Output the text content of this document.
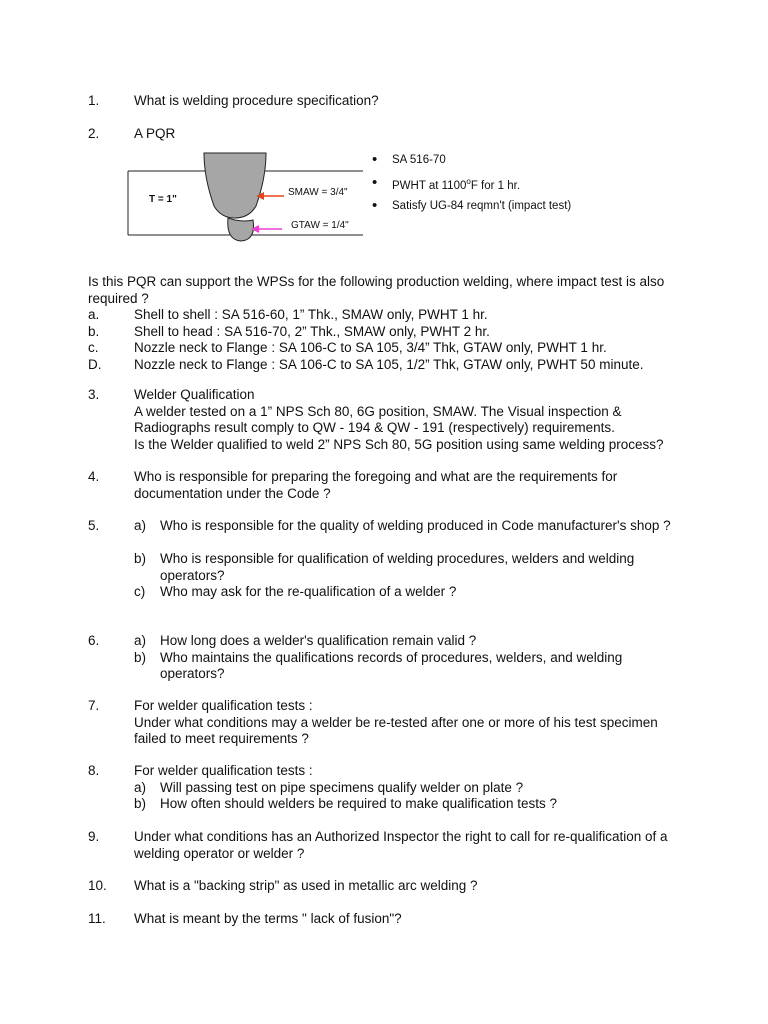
1.	What is welding procedure specification?
2.	A PQR
T = 1"
SMAW = 3/4"
GTAW = 1/4"
• SA 516-70
• PWHT at 1100$^o$F for 1 hr.
• Satisfy UG-84 reqmn't (impact test)
Is this PQR can support the WPSs for the following production welding, where impact test is also
required ?
a.	Shell to shell : SA 516-60, 1” Thk., SMAW only, PWHT 1 hr.
b.	Shell to head : SA 516-70, 2” Thk., SMAW only, PWHT 2 hr.
c.	Nozzle neck to Flange : SA 106-C to SA 105, 3/4” Thk, GTAW only, PWHT 1 hr.
D. Nozzle neck to Flange : SA 106-C to SA 105, 1/2” Thk, GTAW only, PWHT 50 minute.
3.	Welder Qualification
A welder tested on a 1” NPS Sch 80, 6G position, SMAW. The Visual inspection &
Radiographs result comply to QW - 194 & QW - 191 (respectively) requirements.
Is the Welder qualified to weld 2” NPS Sch 80, 5G position using same welding process?
4.	Who is responsible for preparing the foregoing and what are the requirements for
documentation under the Code ?
5.	a) Who is responsible for the quality of welding produced in Code manufacturer's shop ?
b) Who is responsible for qualification of welding procedures, welders and welding
operators?
c) Who may ask for the re-qualification of a welder ?
6.	a) How long does a welder's qualification remain valid ?
b) Who maintains the qualifications records of procedures, welders, and welding
operators?
7.	For welder qualification tests :
Under what conditions may a welder be re-tested after one or more of his test specimen
failed to meet requirements ?
8.	For welder qualification tests :
a) Will passing test on pipe specimens qualify welder on plate ?
b) How often should welders be required to make qualification tests ?
9.	Under what conditions has an Authorized Inspector the right to call for re-qualification of a
welding operator or welder ?
10. What is a "backing strip" as used in metallic arc welding ?
11. What is meant by the terms " lack of fusion"?
